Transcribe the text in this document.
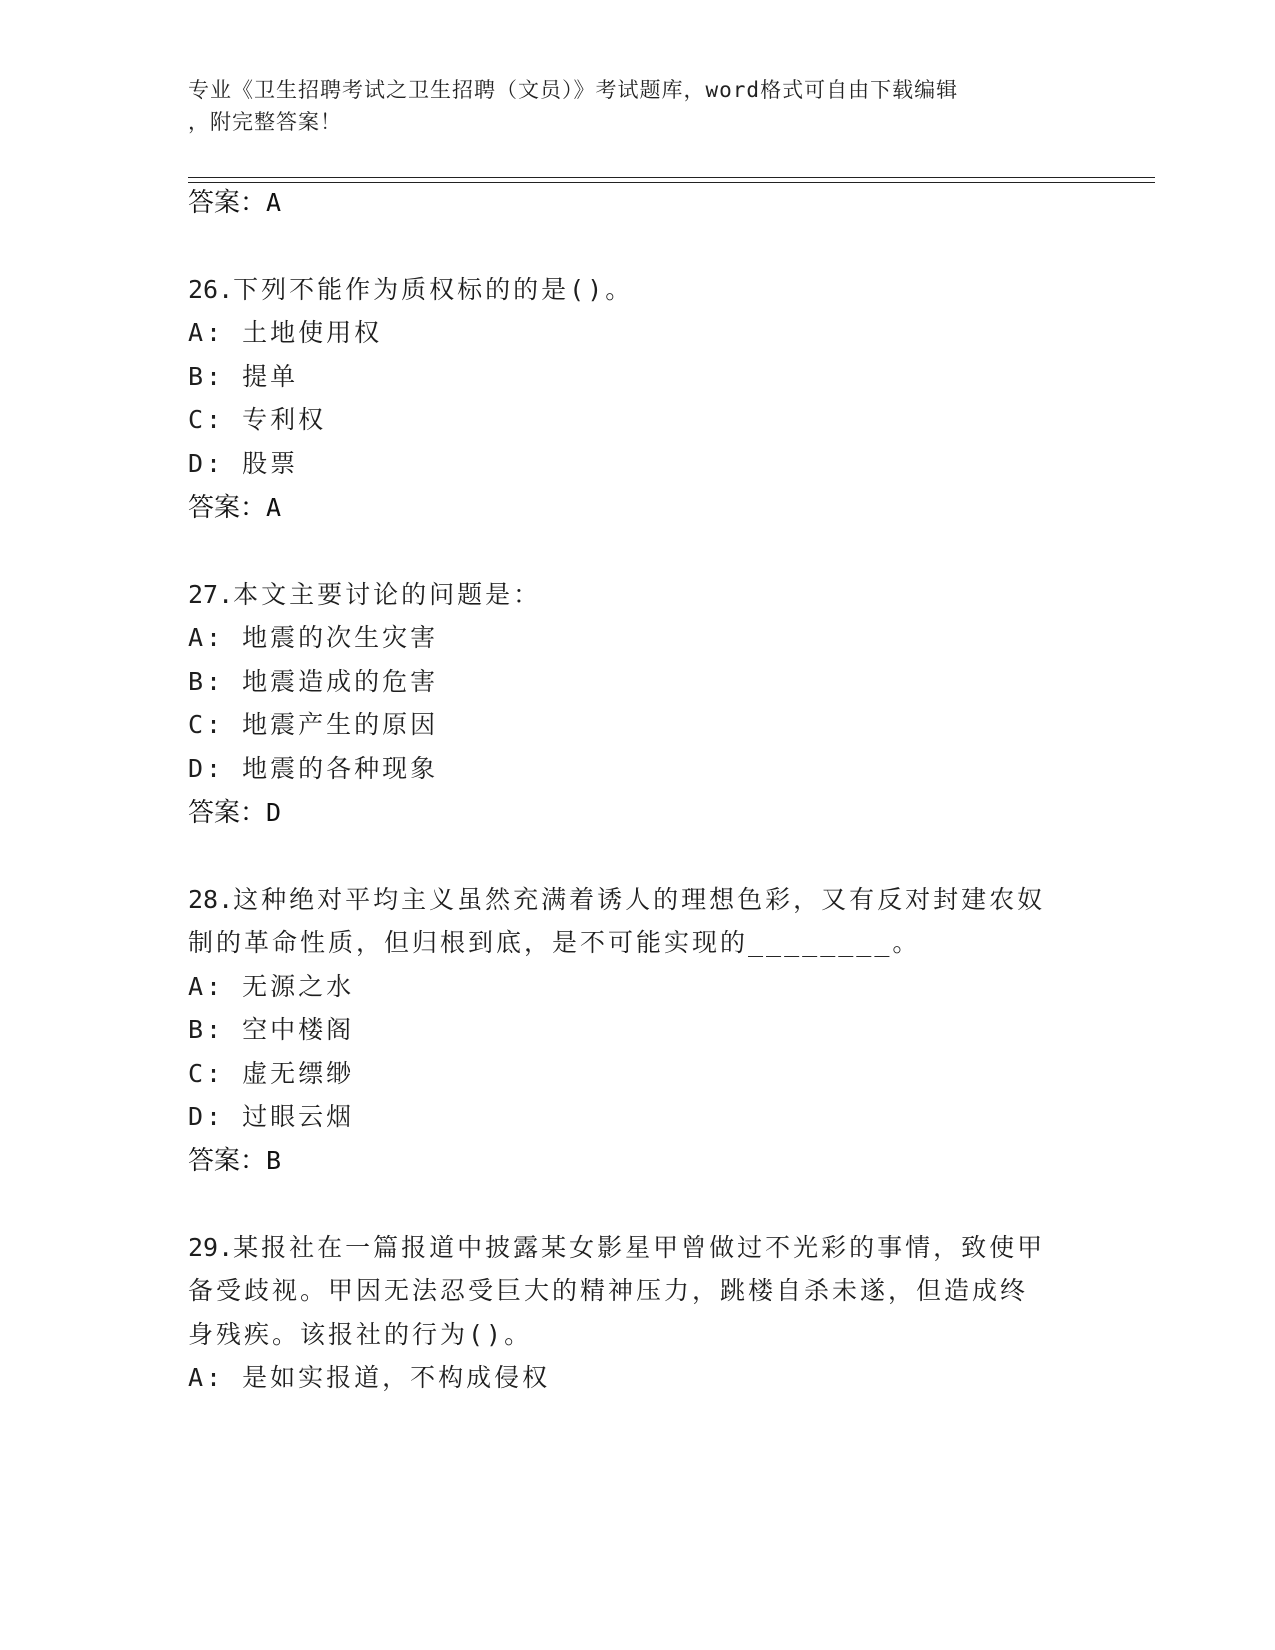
专业《卫生招聘考试之卫生招聘（文员）》考试题库，word格式可自由下载编辑
，附完整答案！
答案：A
26.下列不能作为质权标的的是()。
A: 土地使用权
B: 提单
C: 专利权
D: 股票
答案：A
27.本文主要讨论的问题是：
A: 地震的次生灾害
B: 地震造成的危害
C: 地震产生的原因
D: 地震的各种现象
答案：D
28.这种绝对平均主义虽然充满着诱人的理想色彩，又有反对封建农奴
制的革命性质，但归根到底，是不可能实现的________。
A: 无源之水
B: 空中楼阁
C: 虚无缥缈
D: 过眼云烟
答案：B
29.某报社在一篇报道中披露某女影星甲曾做过不光彩的事情，致使甲
备受歧视。甲因无法忍受巨大的精神压力，跳楼自杀未遂，但造成终
身残疾。该报社的行为()。
A: 是如实报道，不构成侵权
